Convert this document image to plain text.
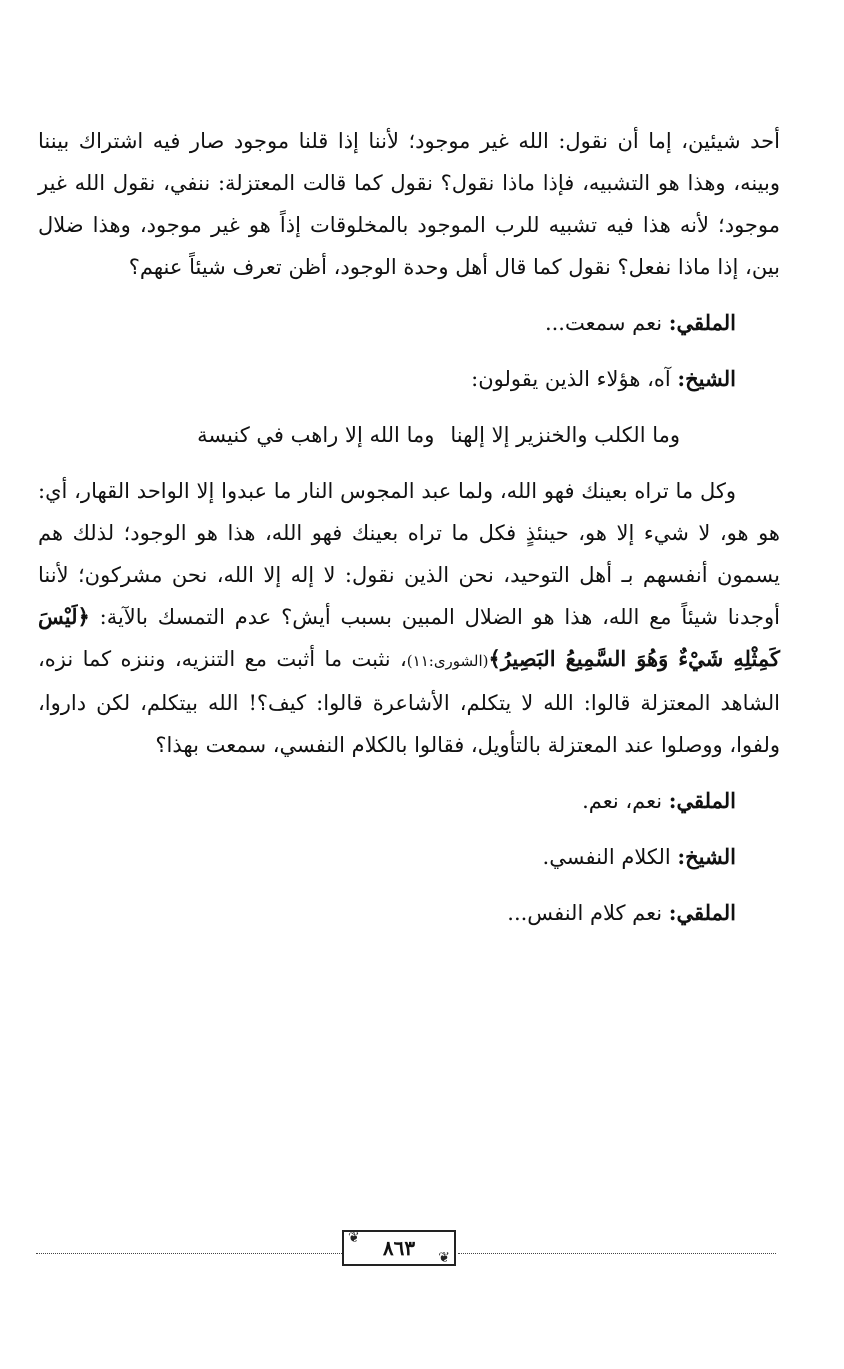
أحد شيئين، إما أن نقول: الله غير موجود؛ لأننا إذا قلنا موجود صار فيه اشتراك بيننا وبينه، وهذا هو التشبيه، فإذا ماذا نقول؟ نقول كما قالت المعتزلة: ننفي، نقول الله غير موجود؛ لأنه هذا فيه تشبيه للرب الموجود بالمخلوقات إذاً هو غير موجود، وهذا ضلال بين، إذا ماذا نفعل؟ نقول كما قال أهل وحدة الوجود، أظن تعرف شيئاً عنهم؟

الملقي: نعم سمعت...

الشيخ: آه، هؤلاء الذين يقولون:

وما الكلب والخنزير إلا إلهناوما الله إلا راهب في كنيسة

وكل ما تراه بعينك فهو الله، ولما عبد المجوس النار ما عبدوا إلا الواحد القهار، أي: هو هو، لا شيء إلا هو، حينئذٍ فكل ما تراه بعينك فهو الله، هذا هو الوجود؛ لذلك هم يسمون أنفسهم بـ أهل التوحيد، نحن الذين نقول: لا إله إلا الله، نحن مشركون؛ لأننا أوجدنا شيئاً مع الله، هذا هو الضلال المبين بسبب أيش؟ عدم التمسك بالآية: ﴿لَيْسَ كَمِثْلِهِ شَيْءٌ وَهُوَ السَّمِيعُ البَصِيرُ﴾(الشورى:١١)، نثبت ما أثبت مع التنزيه، وننزه كما نزه، الشاهد المعتزلة قالوا: الله لا يتكلم، الأشاعرة قالوا: كيف؟! الله بيتكلم، لكن داروا، ولفوا، ووصلوا عند المعتزلة بالتأويل، فقالوا بالكلام النفسي، سمعت بهذا؟

الملقي: نعم، نعم.

الشيخ: الكلام النفسي.

الملقي: نعم كلام النفس...

❦	٨٦٣	❦
